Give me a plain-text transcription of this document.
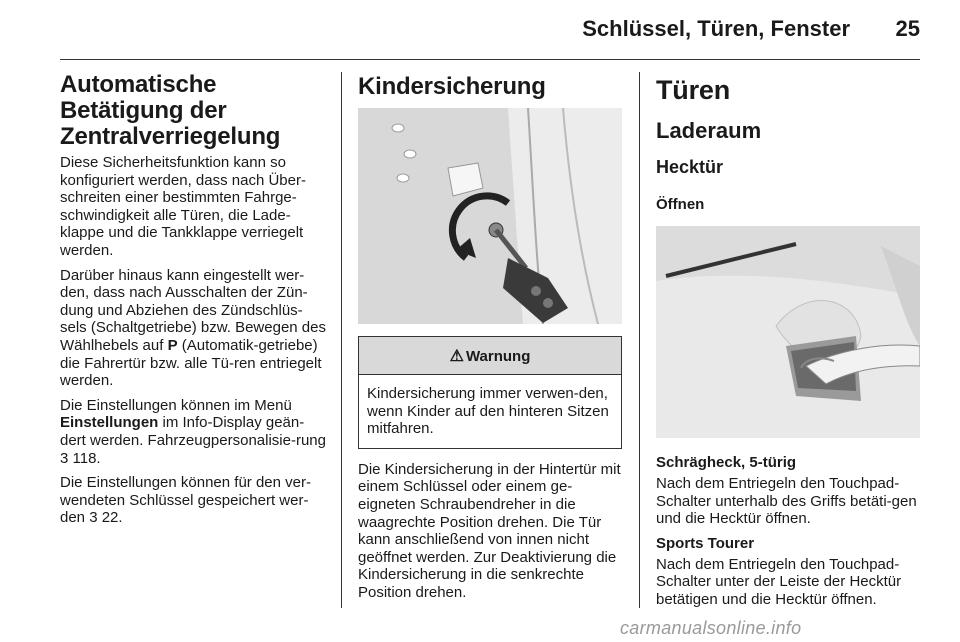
Schlüssel, Türen, Fenster 25
Automatische Betätigung der Zentralverriegelung

Diese Sicherheitsfunktion kann so konfiguriert werden, dass nach Über-schreiten einer bestimmten Fahrge-schwindigkeit alle Türen, die Lade-klappe und die Tankklappe verriegelt werden.

Darüber hinaus kann eingestellt wer-den, dass nach Ausschalten der Zün-dung und Abziehen des Zündschlüs-sels (Schaltgetriebe) bzw. Bewegen des Wählhebels auf P (Automatik-getriebe) die Fahrertür bzw. alle Tü-ren entriegelt werden.

Die Einstellungen können im Menü Einstellungen im Info-Display geän-dert werden. Fahrzeugpersonalisie-rung 3 118.

Die Einstellungen können für den ver-wendeten Schlüssel gespeichert wer-den 3 22.

Kindersicherung
⚠ Warnung
Kindersicherung immer verwen-den, wenn Kinder auf den hinteren Sitzen mitfahren.

Die Kindersicherung in der Hintertür mit einem Schlüssel oder einem ge-eigneten Schraubendreher in die waagrechte Position drehen. Die Tür kann anschließend von innen nicht geöffnet werden. Zur Deaktivierung die Kindersicherung in die senkrechte Position drehen.

Türen
Laderaum
Hecktür
Öffnen
Schrägheck, 5-türig

Nach dem Entriegeln den Touchpad-Schalter unterhalb des Griffs betäti-gen und die Hecktür öffnen.

Sports Tourer

Nach dem Entriegeln den Touchpad-Schalter unter der Leiste der Hecktür betätigen und die Hecktür öffnen.

carmanualsonline.info
